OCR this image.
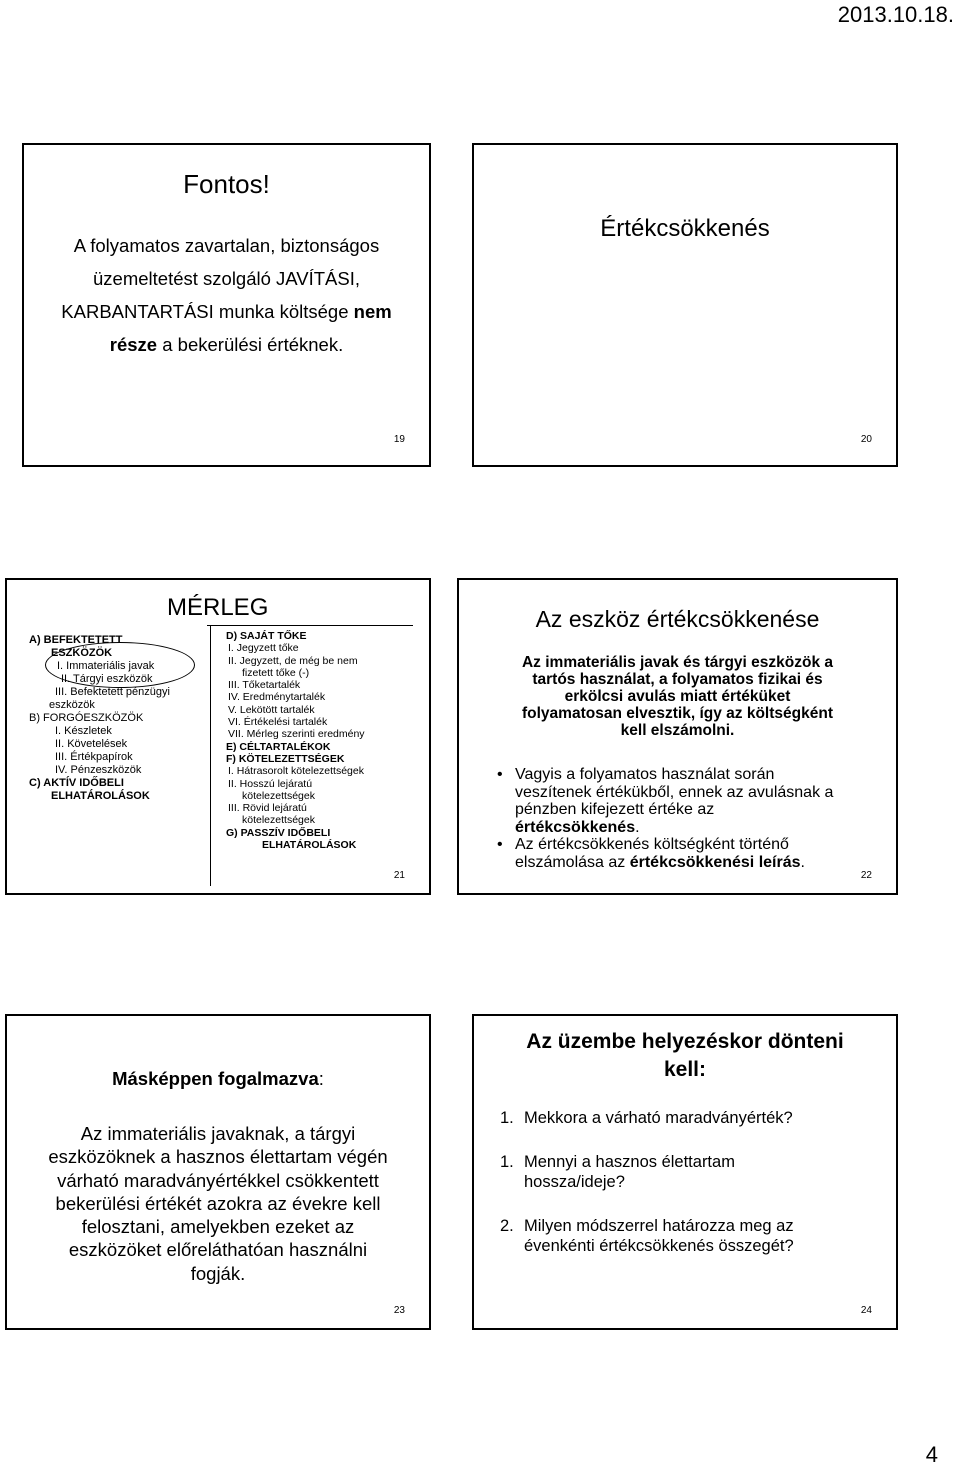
2013.10.18.
Fontos!
A folyamatos zavartalan, biztonságos
üzemeltetést szolgáló JAVÍTÁSI,
KARBANTARTÁSI munka költsége nem
része a bekerülési értéknek.
19
Értékcsökkenés
20
MÉRLEG
A) BEFEKTETETT
ESZKÖZÖK
I. Immateriális javak
II. Tárgyi eszközök
III. Befektetett pénzügyi
eszközök
B) FORGÓESZKÖZÖK
I. Készletek
II. Követelések
III. Értékpapírok
IV. Pénzeszközök
C) AKTÍV IDŐBELI
ELHATÁROLÁSOK
D) SAJÁT TŐKE
I. Jegyzett tőke
II. Jegyzett, de még be nem
fizetett tőke (-)
III. Tőketartalék
IV. Eredménytartalék
V. Lekötött tartalék
VI. Értékelési tartalék
VII. Mérleg szerinti eredmény
E) CÉLTARTALÉKOK
F) KÖTELEZETTSÉGEK
I. Hátrasorolt kötelezettségek
II. Hosszú lejáratú
kötelezettségek
III. Rövid lejáratú
kötelezettségek
G) PASSZÍV IDŐBELI
ELHATÁROLÁSOK
21
Az eszköz értékcsökkenése
Az immateriális javak és tárgyi eszközök a
tartós használat, a folyamatos fizikai és
erkölcsi avulás miatt értéküket
folyamatosan elvesztik, így az költségként
kell elszámolni.
• Vagyis a folyamatos használat során
veszítenek értékükből, ennek az avulásnak a
pénzben kifejezett értéke az
értékcsökkenés.
• Az értékcsökkenés költségként történő
elszámolása az értékcsökkenési leírás.
22
Másképpen fogalmazva:
Az immateriális javaknak, a tárgyi
eszközöknek a hasznos élettartam végén
várható maradványértékkel csökkentett
bekerülési értékét azokra az évekre kell
felosztani, amelyekben ezeket az
eszközöket előreláthatóan használni
fogják.
23
Az üzembe helyezéskor dönteni
kell:
1. Mekkora a várható maradványérték?
1. Mennyi a hasznos élettartam
hossza/ideje?
2. Milyen módszerrel határozza meg az
évenkénti értékcsökkenés összegét?
24
4
